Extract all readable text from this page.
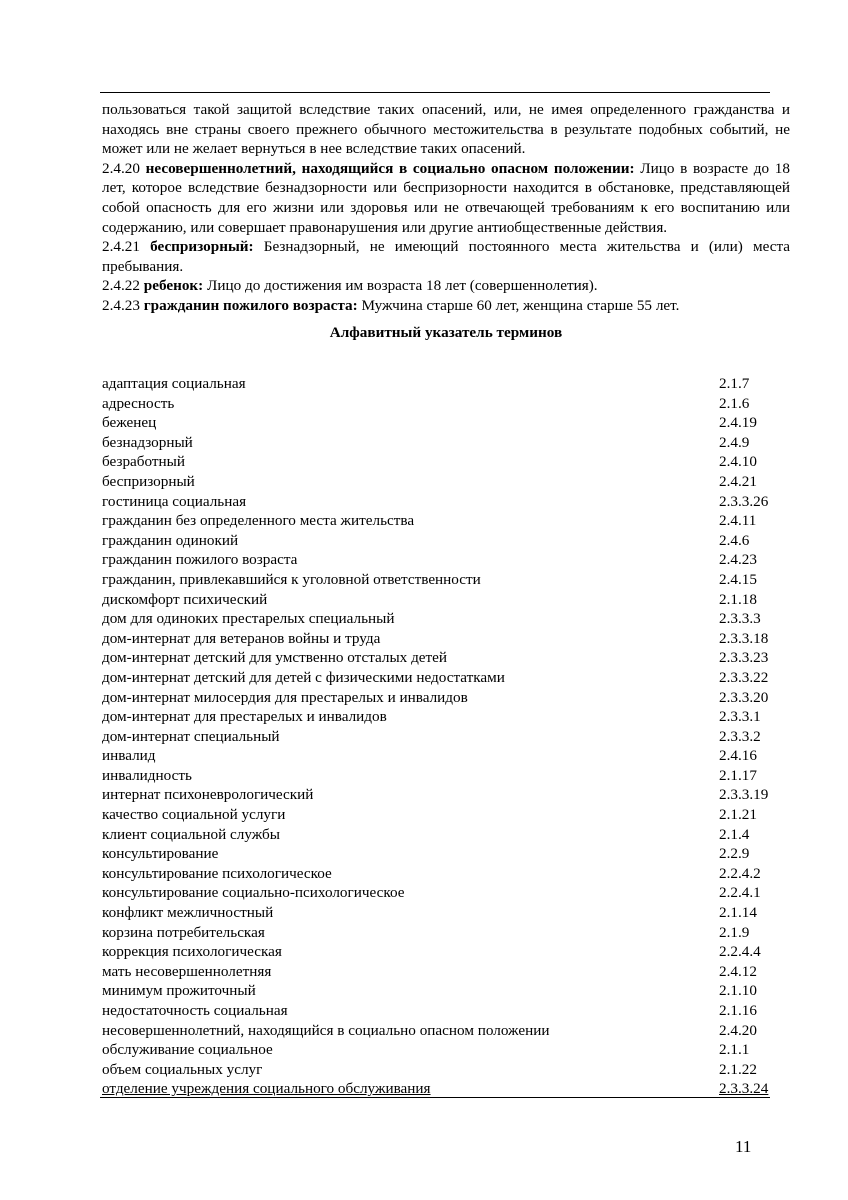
пользоваться такой защитой вследствие таких опасений, или, не имея определенного гражданства и находясь вне страны своего прежнего обычного местожительства в результате подобных событий, не может или не желает вернуться в нее вследствие таких опасений.

2.4.20 несовершеннолетний, находящийся в социально опасном положении: Лицо в возрасте до 18 лет, которое вследствие безнадзорности или беспризорности находится в обстановке, представляющей собой опасность для его жизни или здоровья или не отвечающей требованиям к его воспитанию или содержанию, или совершает правонарушения или другие антиобщественные действия.

2.4.21 беспризорный: Безнадзорный, не имеющий постоянного места жительства и (или) места пребывания.

2.4.22 ребенок: Лицо до достижения им возраста 18 лет (совершеннолетия).

2.4.23 гражданин пожилого возраста: Мужчина старше 60 лет, женщина старше 55 лет.

Алфавитный указатель терминов
адаптация социальная	2.1.7
адресность	2.1.6
беженец	2.4.19
безнадзорный	2.4.9
безработный	2.4.10
беспризорный	2.4.21
гостиница социальная	2.3.3.26
гражданин без определенного места жительства	2.4.11
гражданин одинокий	2.4.6
гражданин пожилого возраста	2.4.23
гражданин, привлекавшийся к уголовной ответственности	2.4.15
дискомфорт психический	2.1.18
дом для одиноких престарелых специальный	2.3.3.3
дом-интернат для ветеранов войны и труда	2.3.3.18
дом-интернат детский для умственно отсталых детей	2.3.3.23
дом-интернат детский для детей с физическими недостатками	2.3.3.22
дом-интернат милосердия для престарелых и инвалидов	2.3.3.20
дом-интернат для престарелых и инвалидов	2.3.3.1
дом-интернат специальный	2.3.3.2
инвалид	2.4.16
инвалидность	2.1.17
интернат психоневрологический	2.3.3.19
качество социальной услуги	2.1.21
клиент социальной службы	2.1.4
консультирование	2.2.9
консультирование психологическое	2.2.4.2
консультирование социально-психологическое	2.2.4.1
конфликт межличностный	2.1.14
корзина потребительская	2.1.9
коррекция психологическая	2.2.4.4
мать несовершеннолетняя	2.4.12
минимум прожиточный	2.1.10
недостаточность социальная	2.1.16
несовершеннолетний, находящийся в социально опасном положении	2.4.20
обслуживание социальное	2.1.1
объем социальных услуг	2.1.22
отделение учреждения социального обслуживания	2.3.3.24
11
